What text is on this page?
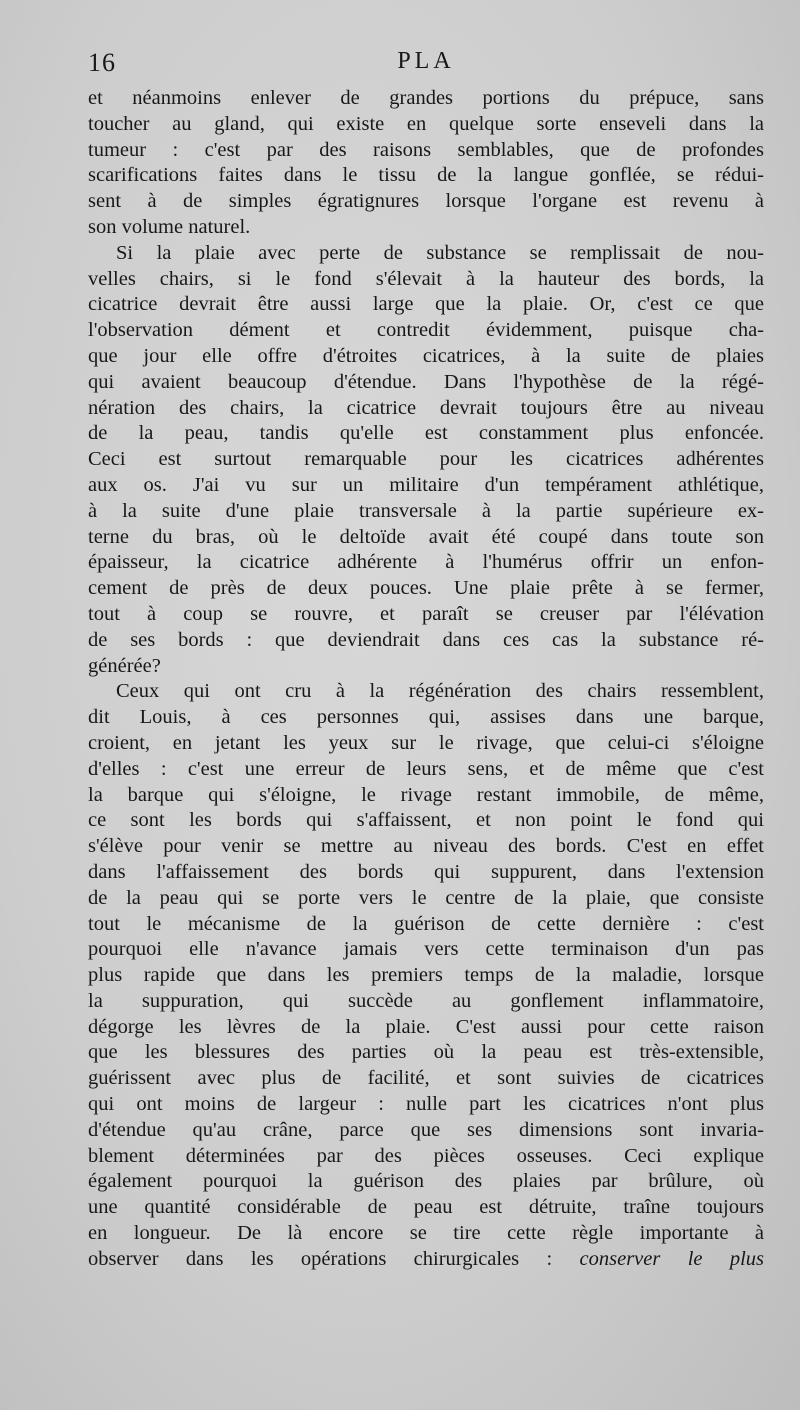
16	PLA
et néanmoins enlever de grandes portions du prépuce, sans
toucher au gland, qui existe en quelque sorte enseveli dans la
tumeur : c'est par des raisons semblables, que de profondes
scarifications faites dans le tissu de la langue gonflée, se rédui-
sent à de simples égratignures lorsque l'organe est revenu à
son volume naturel.
Si la plaie avec perte de substance se remplissait de nou-
velles chairs, si le fond s'élevait à la hauteur des bords, la
cicatrice devrait être aussi large que la plaie. Or, c'est ce que
l'observation dément et contredit évidemment, puisque cha-
que jour elle offre d'étroites cicatrices, à la suite de plaies
qui avaient beaucoup d'étendue. Dans l'hypothèse de la régé-
nération des chairs, la cicatrice devrait toujours être au niveau
de la peau, tandis qu'elle est constamment plus enfoncée.
Ceci est surtout remarquable pour les cicatrices adhérentes
aux os. J'ai vu sur un militaire d'un tempérament athlétique,
à la suite d'une plaie transversale à la partie supérieure ex-
terne du bras, où le deltoïde avait été coupé dans toute son
épaisseur, la cicatrice adhérente à l'humérus offrir un enfon-
cement de près de deux pouces. Une plaie prête à se fermer,
tout à coup se rouvre, et paraît se creuser par l'élévation
de ses bords : que deviendrait dans ces cas la substance ré-
générée?
Ceux qui ont cru à la régénération des chairs ressemblent,
dit Louis, à ces personnes qui, assises dans une barque,
croient, en jetant les yeux sur le rivage, que celui-ci s'éloigne
d'elles : c'est une erreur de leurs sens, et de même que c'est
la barque qui s'éloigne, le rivage restant immobile, de même,
ce sont les bords qui s'affaissent, et non point le fond qui
s'élève pour venir se mettre au niveau des bords. C'est en effet
dans l'affaissement des bords qui suppurent, dans l'extension
de la peau qui se porte vers le centre de la plaie, que consiste
tout le mécanisme de la guérison de cette dernière : c'est
pourquoi elle n'avance jamais vers cette terminaison d'un pas
plus rapide que dans les premiers temps de la maladie, lorsque
la suppuration, qui succède au gonflement inflammatoire,
dégorge les lèvres de la plaie. C'est aussi pour cette raison
que les blessures des parties où la peau est très-extensible,
guérissent avec plus de facilité, et sont suivies de cicatrices
qui ont moins de largeur : nulle part les cicatrices n'ont plus
d'étendue qu'au crâne, parce que ses dimensions sont invaria-
blement déterminées par des pièces osseuses. Ceci explique
également pourquoi la guérison des plaies par brûlure, où
une quantité considérable de peau est détruite, traîne toujours
en longueur. De là encore se tire cette règle importante à
observer dans les opérations chirurgicales : conserver le plus
